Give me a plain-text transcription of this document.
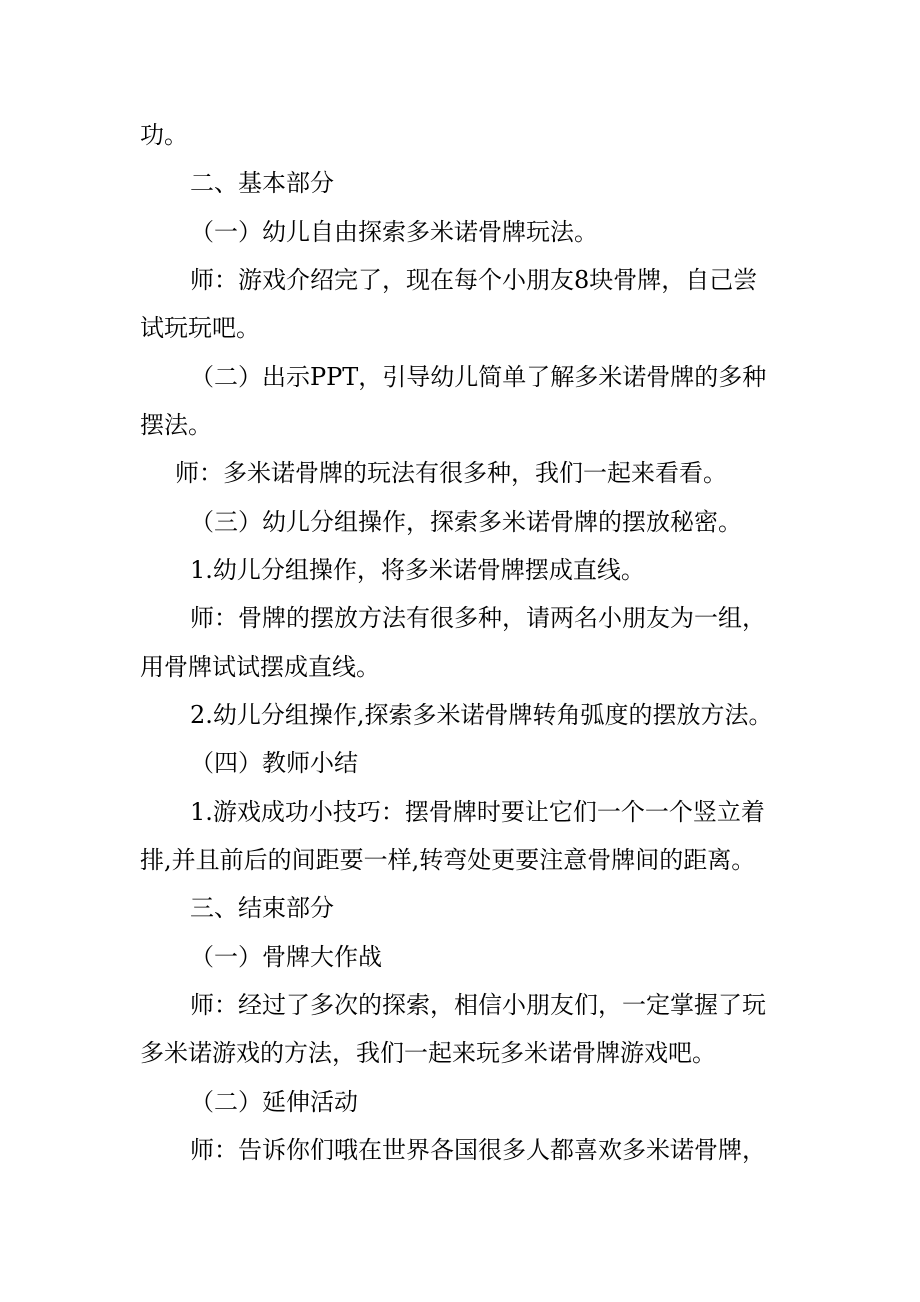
功。
二、基本部分
（一）幼儿自由探索多米诺骨牌玩法。
师：游戏介绍完了，现在每个小朋友8块骨牌，自己尝
试玩玩吧。
（二）出示PPT，引导幼儿简单了解多米诺骨牌的多种
摆法。
师：多米诺骨牌的玩法有很多种，我们一起来看看。
（三）幼儿分组操作，探索多米诺骨牌的摆放秘密。
1.幼儿分组操作，将多米诺骨牌摆成直线。
师：骨牌的摆放方法有很多种，请两名小朋友为一组，
用骨牌试试摆成直线。
2.幼儿分组操作,探索多米诺骨牌转角弧度的摆放方法。
（四）教师小结
1.游戏成功小技巧：摆骨牌时要让它们一个一个竖立着
排,并且前后的间距要一样,转弯处更要注意骨牌间的距离。
三、结束部分
（一）骨牌大作战
师：经过了多次的探索，相信小朋友们，一定掌握了玩
多米诺游戏的方法，我们一起来玩多米诺骨牌游戏吧。
（二）延伸活动
师：告诉你们哦在世界各国很多人都喜欢多米诺骨牌，
